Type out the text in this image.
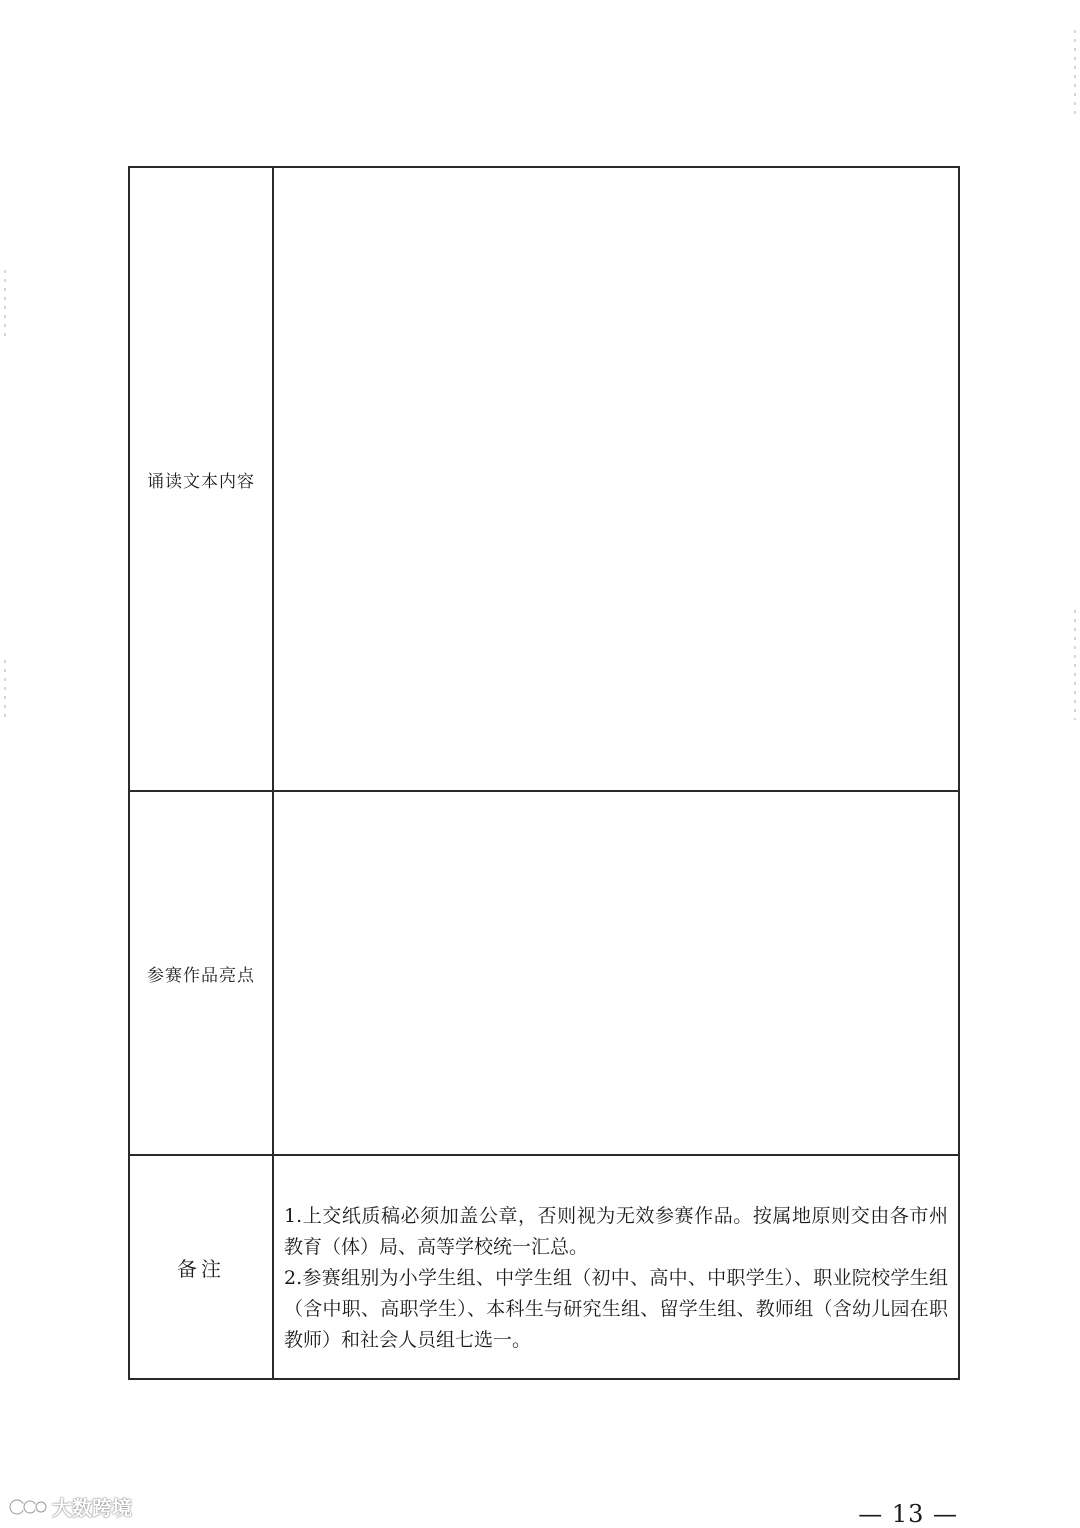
诵读文本内容	
参赛作品亮点	
备注	1.上交纸质稿必须加盖公章，否则视为无效参赛作品。按属地原则交由各市州教育（体）局、高等学校统一汇总。

2.参赛组别为小学生组、中学生组（初中、高中、中职学生）、职业院校学生组（含中职、高职学生）、本科生与研究生组、留学生组、教师组（含幼儿园在职教师）和社会人员组七选一。

— 13 —
大数跨境
